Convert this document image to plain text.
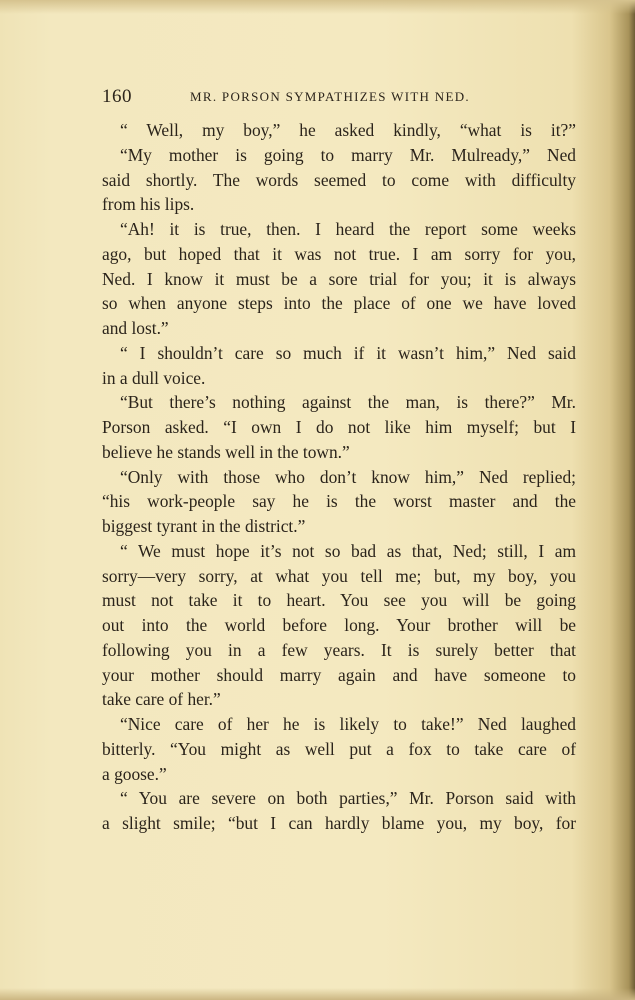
160	MR. PORSON SYMPATHIZES WITH NED.
“ Well, my boy,” he asked kindly, “what is it?”
“My mother is going to marry Mr. Mulready,” Ned
said shortly. The words seemed to come with difficulty
from his lips.
“Ah! it is true, then. I heard the report some weeks
ago, but hoped that it was not true. I am sorry for you,
Ned. I know it must be a sore trial for you; it is always
so when anyone steps into the place of one we have loved
and lost.”
“ I shouldn’t care so much if it wasn’t him,” Ned said
in a dull voice.
“But there’s nothing against the man, is there?” Mr.
Porson asked. “I own I do not like him myself; but I
believe he stands well in the town.”
“Only with those who don’t know him,” Ned replied;
“his work-people say he is the worst master and the
biggest tyrant in the district.”
“ We must hope it’s not so bad as that, Ned; still, I am
sorry—very sorry, at what you tell me; but, my boy, you
must not take it to heart. You see you will be going
out into the world before long. Your brother will be
following you in a few years. It is surely better that
your mother should marry again and have someone to
take care of her.”
“Nice care of her he is likely to take!” Ned laughed
bitterly. “You might as well put a fox to take care of
a goose.”
“ You are severe on both parties,” Mr. Porson said with
a slight smile; “but I can hardly blame you, my boy, for
